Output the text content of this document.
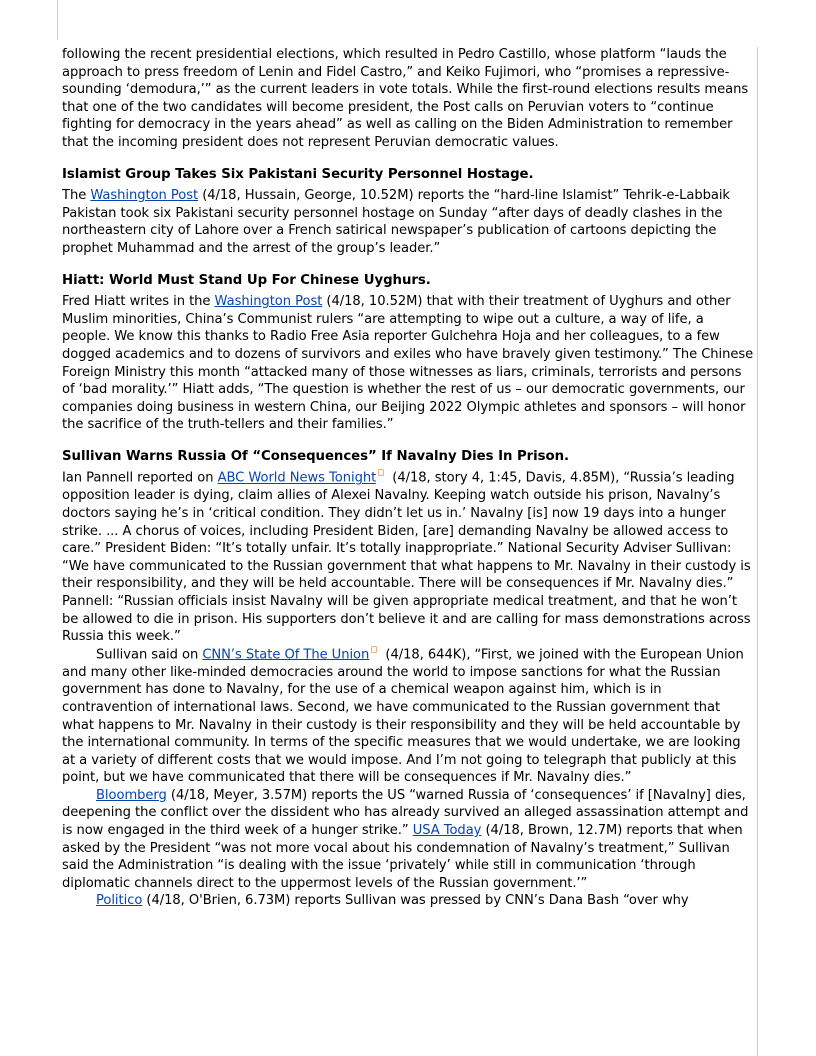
following the recent presidential elections, which resulted in Pedro Castillo, whose platform “lauds the approach to press freedom of Lenin and Fidel Castro,” and Keiko Fujimori, who “promises a repressive-sounding ‘demodura,’” as the current leaders in vote totals. While the first-round elections results means that one of the two candidates will become president, the Post calls on Peruvian voters to “continue fighting for democracy in the years ahead” as well as calling on the Biden Administration to remember that the incoming president does not represent Peruvian democratic values.

Islamist Group Takes Six Pakistani Security Personnel Hostage.

The Washington Post (4/18, Hussain, George, 10.52M) reports the “hard-line Islamist” Tehrik-e-Labbaik Pakistan took six Pakistani security personnel hostage on Sunday “after days of deadly clashes in the northeastern city of Lahore over a French satirical newspaper’s publication of cartoons depicting the prophet Muhammad and the arrest of the group’s leader.”

Hiatt: World Must Stand Up For Chinese Uyghurs.

Fred Hiatt writes in the Washington Post (4/18, 10.52M) that with their treatment of Uyghurs and other Muslim minorities, China’s Communist rulers “are attempting to wipe out a culture, a way of life, a people. We know this thanks to Radio Free Asia reporter Gulchehra Hoja and her colleagues, to a few dogged academics and to dozens of survivors and exiles who have bravely given testimony.” The Chinese Foreign Ministry this month “attacked many of those witnesses as liars, criminals, terrorists and persons of ‘bad morality.’” Hiatt adds, “The question is whether the rest of us – our democratic governments, our companies doing business in western China, our Beijing 2022 Olympic athletes and sponsors – will honor the sacrifice of the truth-tellers and their families.”

Sullivan Warns Russia Of “Consequences” If Navalny Dies In Prison.

Ian Pannell reported on ABC World News Tonight (4/18, story 4, 1:45, Davis, 4.85M), “Russia’s leading opposition leader is dying, claim allies of Alexei Navalny. Keeping watch outside his prison, Navalny’s doctors saying he’s in ‘critical condition. They didn’t let us in.’ Navalny [is] now 19 days into a hunger strike. ... A chorus of voices, including President Biden, [are] demanding Navalny be allowed access to care.” President Biden: “It’s totally unfair. It’s totally inappropriate.” National Security Adviser Sullivan: “We have communicated to the Russian government that what happens to Mr. Navalny in their custody is their responsibility, and they will be held accountable. There will be consequences if Mr. Navalny dies.” Pannell: “Russian officials insist Navalny will be given appropriate medical treatment, and that he won’t be allowed to die in prison. His supporters don’t believe it and are calling for mass demonstrations across Russia this week.”

Sullivan said on CNN’s State Of The Union (4/18, 644K), “First, we joined with the European Union and many other like-minded democracies around the world to impose sanctions for what the Russian government has done to Navalny, for the use of a chemical weapon against him, which is in contravention of international laws. Second, we have communicated to the Russian government that what happens to Mr. Navalny in their custody is their responsibility and they will be held accountable by the international community. In terms of the specific measures that we would undertake, we are looking at a variety of different costs that we would impose. And I’m not going to telegraph that publicly at this point, but we have communicated that there will be consequences if Mr. Navalny dies.”

Bloomberg (4/18, Meyer, 3.57M) reports the US “warned Russia of ‘consequences’ if [Navalny] dies, deepening the conflict over the dissident who has already survived an alleged assassination attempt and is now engaged in the third week of a hunger strike.” USA Today (4/18, Brown, 12.7M) reports that when asked by the President “was not more vocal about his condemnation of Navalny’s treatment,” Sullivan said the Administration “is dealing with the issue ‘privately’ while still in communication ‘through diplomatic channels direct to the uppermost levels of the Russian government.’”

Politico (4/18, O'Brien, 6.73M) reports Sullivan was pressed by CNN’s Dana Bash “over why
